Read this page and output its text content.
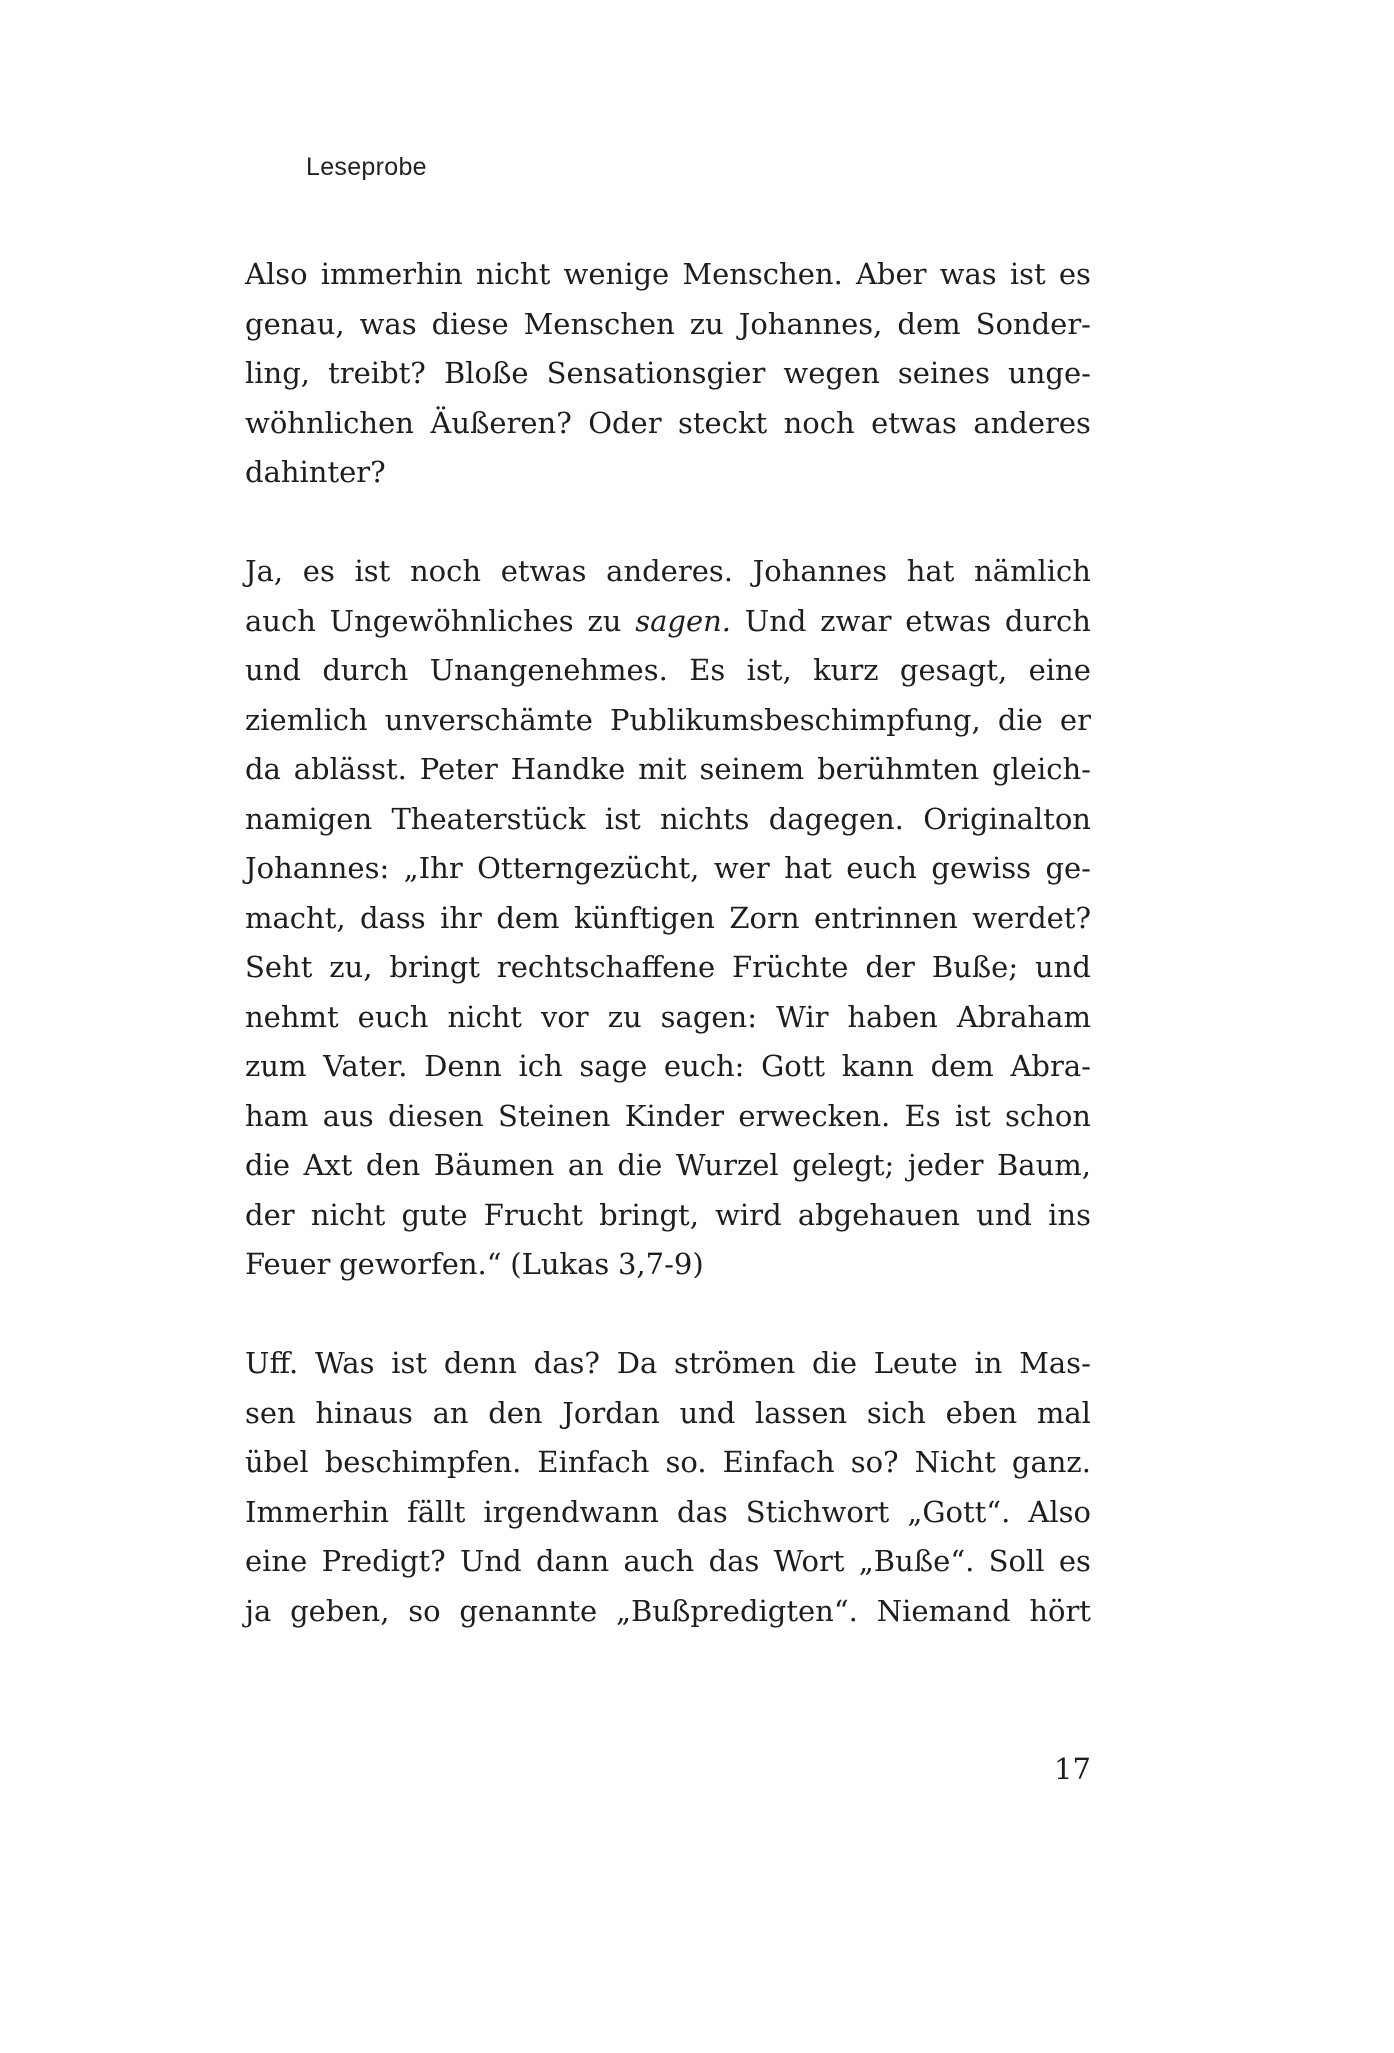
Leseprobe
Also immerhin nicht wenige Menschen. Aber was ist es
genau, was diese Menschen zu Johannes, dem Sonder-
ling, treibt? Bloße Sensationsgier wegen seines unge-
wöhnlichen Äußeren? Oder steckt noch etwas anderes
dahinter?
Ja, es ist noch etwas anderes. Johannes hat nämlich
auch Ungewöhnliches zu sagen. Und zwar etwas durch
und durch Unangenehmes. Es ist, kurz gesagt, eine
ziemlich unverschämte Publikumsbeschimpfung, die er
da ablässt. Peter Handke mit seinem berühmten gleich-
namigen Theaterstück ist nichts dagegen. Originalton
Johannes: „Ihr Otterngezücht, wer hat euch gewiss ge-
macht, dass ihr dem künftigen Zorn entrinnen werdet?
Seht zu, bringt rechtschaffene Früchte der Buße; und
nehmt euch nicht vor zu sagen: Wir haben Abraham
zum Vater. Denn ich sage euch: Gott kann dem Abra-
ham aus diesen Steinen Kinder erwecken. Es ist schon
die Axt den Bäumen an die Wurzel gelegt; jeder Baum,
der nicht gute Frucht bringt, wird abgehauen und ins
Feuer geworfen.“ (Lukas 3,7-9)
Uff. Was ist denn das? Da strömen die Leute in Mas-
sen hinaus an den Jordan und lassen sich eben mal
übel beschimpfen. Einfach so. Einfach so? Nicht ganz.
Immerhin fällt irgendwann das Stichwort „Gott“. Also
eine Predigt? Und dann auch das Wort „Buße“. Soll es
ja geben, so genannte „Bußpredigten“. Niemand hört
17
